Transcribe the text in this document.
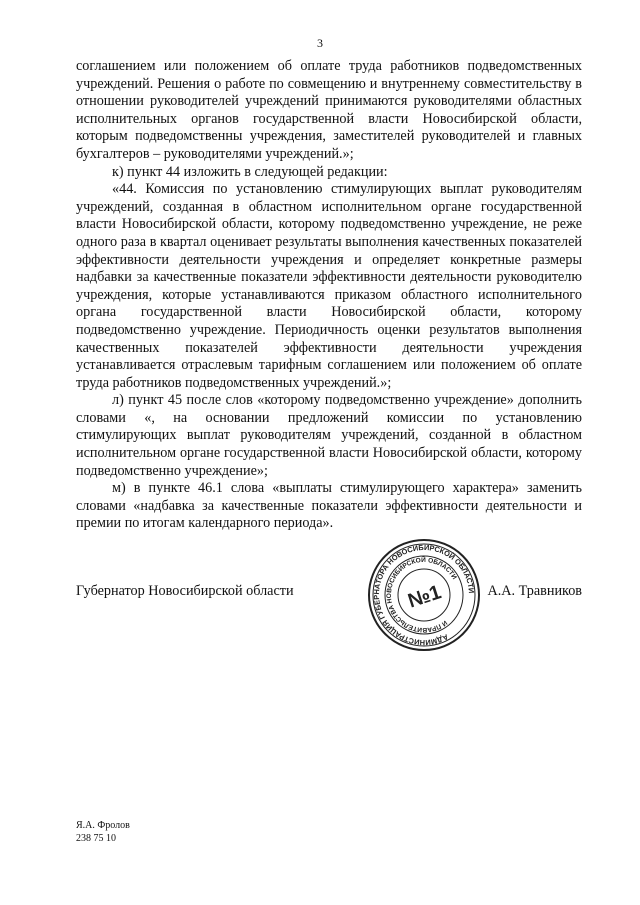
3

соглашением или положением об оплате труда работников подведомственных учреждений. Решения о работе по совмещению и внутреннему совместительству в отношении руководителей учреждений принимаются руководителями областных исполнительных органов государственной власти Новосибирской области, которым подведомственны учреждения, заместителей руководителей и главных бухгалтеров – руководителями учреждений.»;

к) пункт 44 изложить в следующей редакции:

«44. Комиссия по установлению стимулирующих выплат руководителям учреждений, созданная в областном исполнительном органе государственной власти Новосибирской области, которому подведомственно учреждение, не реже одного раза в квартал оценивает результаты выполнения качественных показателей эффективности деятельности учреждения и определяет конкретные размеры надбавки за качественные показатели эффективности деятельности руководителю учреждения, которые устанавливаются приказом областного исполнительного органа государственной власти Новосибирской области, которому подведомственно учреждение. Периодичность оценки результатов выполнения качественных показателей эффективности деятельности учреждения устанавливается отраслевым тарифным соглашением или положением об оплате труда работников подведомственных учреждений.»;

л) пункт 45 после слов «которому подведомственно учреждение» дополнить словами «, на основании предложений комиссии по установлению стимулирующих выплат руководителям учреждений, созданной в областном исполнительном органе государственной власти Новосибирской области, которому подведомственно учреждение»;

м) в пункте 46.1 слова «выплаты стимулирующего характера» заменить словами «надбавка за качественные показатели эффективности деятельности и премии по итогам календарного периода».

Губернатор Новосибирской области	А.А. Травников
АДМИНИСТРАЦИЯ ГУБЕРНАТОРА НОВОСИБИРСКОЙ ОБЛАСТИ
И ПРАВИТЕЛЬСТВА НОВОСИБИРСКОЙ ОБЛАСТИ
№1
Я.А. Фролов
238 75 10
